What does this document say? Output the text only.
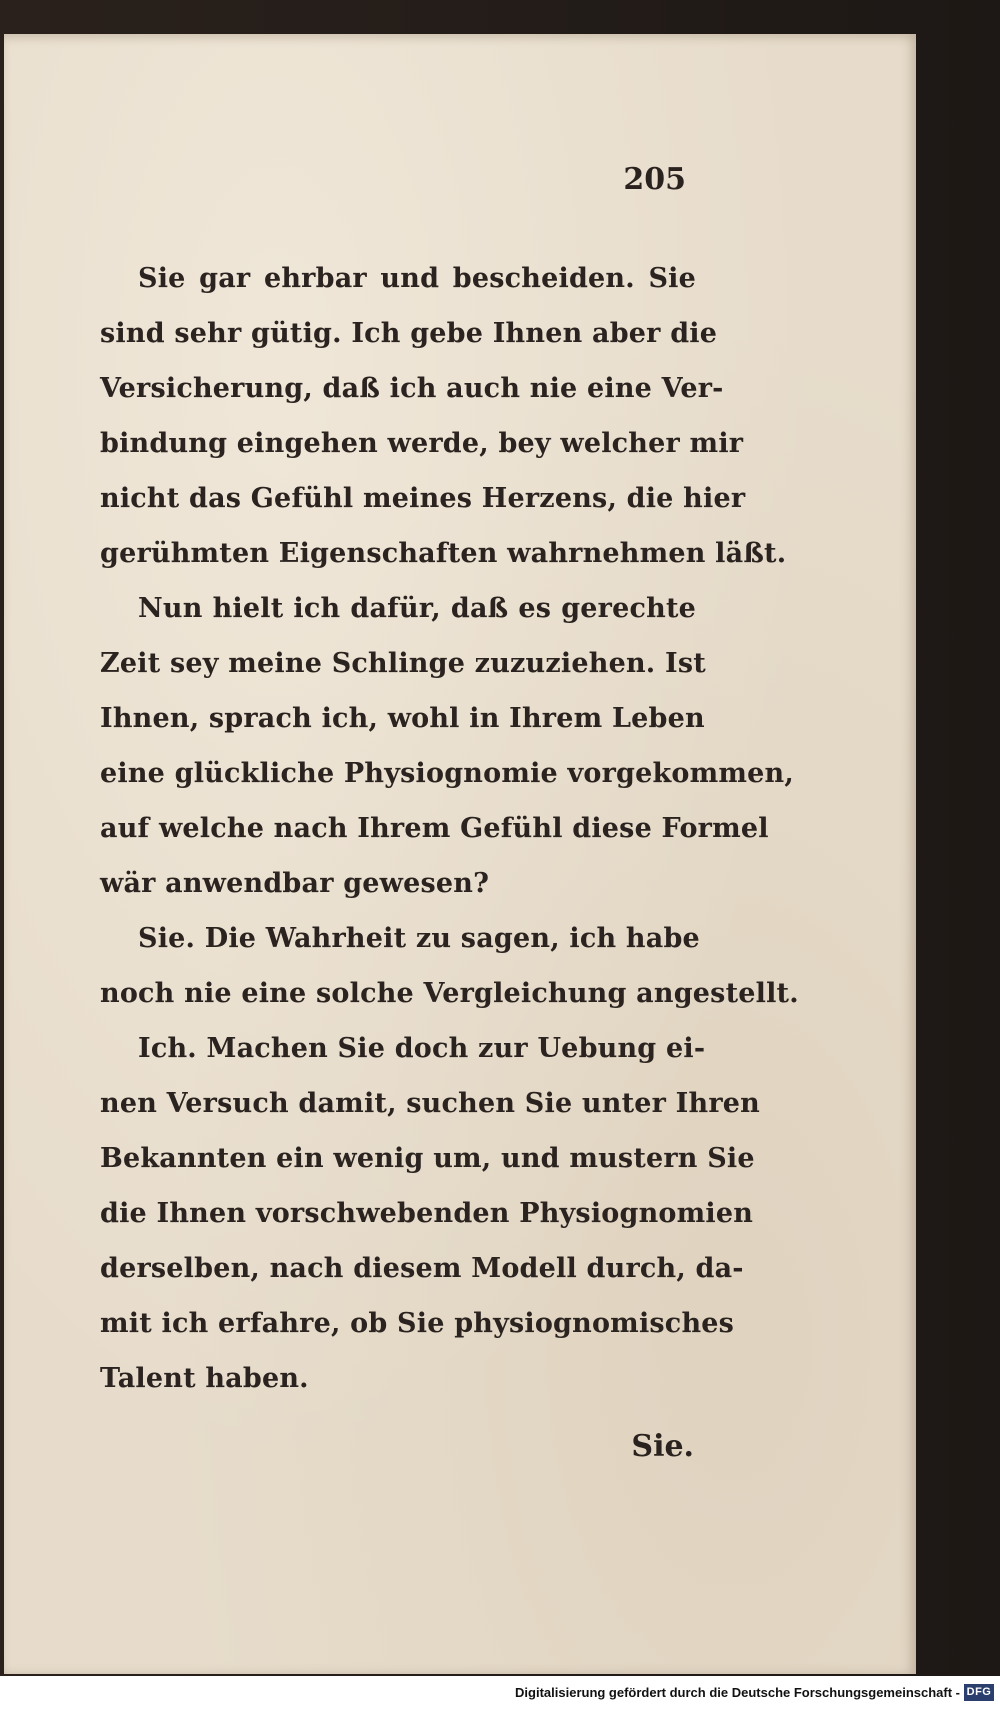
205
Sie gar ehrbar und bescheiden. Sie
sind sehr gütig. Ich gebe Ihnen aber die
Versicherung, daß ich auch nie eine Ver-
bindung eingehen werde, bey welcher mir
nicht das Gefühl meines Herzens, die hier
gerühmten Eigenschaften wahrnehmen läßt.
Nun hielt ich dafür, daß es gerechte
Zeit sey meine Schlinge zuzuziehen. Ist
Ihnen, sprach ich, wohl in Ihrem Leben
eine glückliche Physiognomie vorgekommen,
auf welche nach Ihrem Gefühl diese Formel
wär anwendbar gewesen?
Sie. Die Wahrheit zu sagen, ich habe
noch nie eine solche Vergleichung angestellt.
Ich. Machen Sie doch zur Uebung ei-
nen Versuch damit, suchen Sie unter Ihren
Bekannten ein wenig um, und mustern Sie
die Ihnen vorschwebenden Physiognomien
derselben, nach diesem Modell durch, da-
mit ich erfahre, ob Sie physiognomisches
Talent haben.
Sie.
Digitalisierung gefördert durch die Deutsche Forschungsgemeinschaft - DFG
